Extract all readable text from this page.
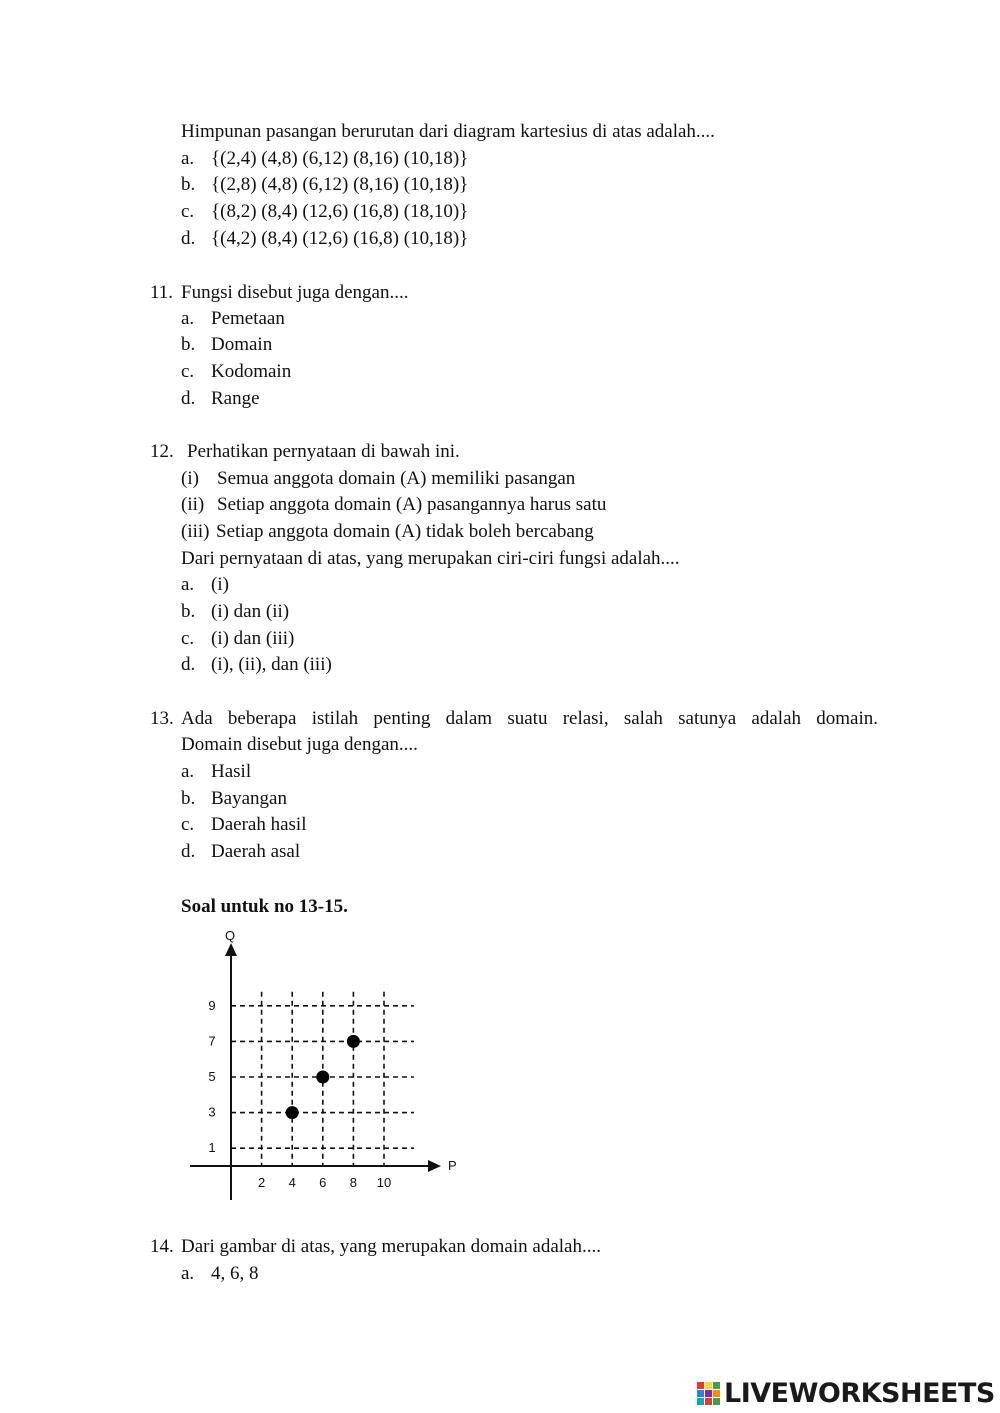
Himpunan pasangan berurutan dari diagram kartesius di atas adalah....
a. {(2,4) (4,8) (6,12) (8,16) (10,18)}
b. {(2,8) (4,8) (6,12) (8,16) (10,18)}
c. {(8,2) (8,4) (12,6) (16,8) (18,10)}
d. {(4,2) (8,4) (12,6) (16,8) (10,18)}
11. Fungsi disebut juga dengan....
a. Pemetaan
b. Domain
c. Kodomain
d. Range
12. Perhatikan pernyataan di bawah ini.
(i) Semua anggota domain (A) memiliki pasangan
(ii) Setiap anggota domain (A) pasangannya harus satu
(iii) Setiap anggota domain (A) tidak boleh bercabang
Dari pernyataan di atas, yang merupakan ciri-ciri fungsi adalah....
a. (i)
b. (i) dan (ii)
c. (i) dan (iii)
d. (i), (ii), dan (iii)
13. Ada beberapa istilah penting dalam suatu relasi, salah satunya adalah domain.
Domain disebut juga dengan....
a. Hasil
b. Bayangan
c. Daerah hasil
d. Daerah asal
Soal untuk no 13-15.
P
Q
2 4 6 8 10
1
3
5
7
9
14. Dari gambar di atas, yang merupakan domain adalah....
a. 4, 6, 8
LIVEWORKSHEETS
